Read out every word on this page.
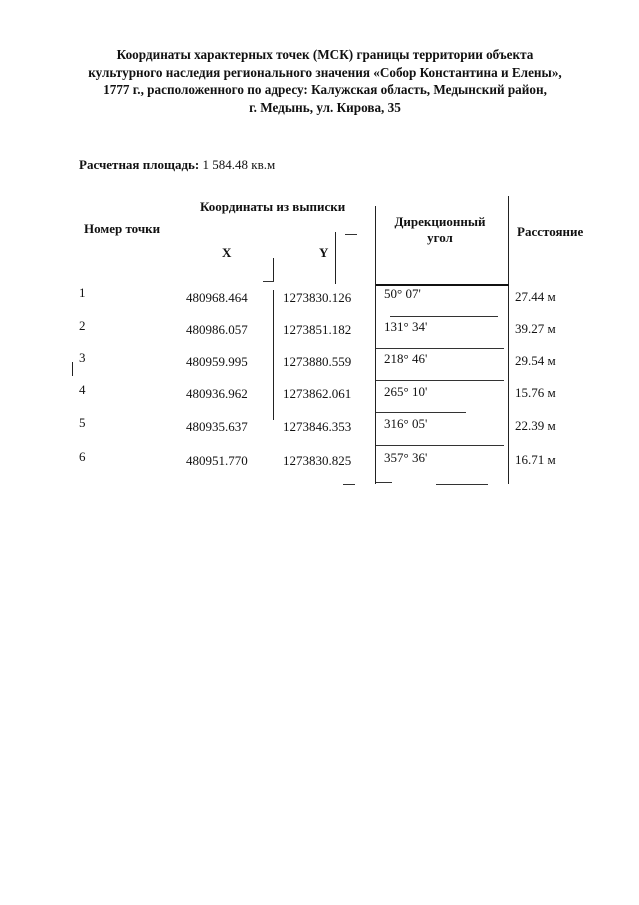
Координаты характерных точек (МСК) границы территории объекта
культурного наследия регионального значения «Собор Константина и Елены»,
1777 г., расположенного по адресу: Калужская область, Медынский район,
г. Медынь, ул. Кирова, 35
Расчетная площадь: 1 584.48 кв.м
Номер точки
Координаты из выписки
X	Y
Дирекционный
угол	Расстояние
1	480968.464	1273830.126	50° 07'	27.44 м
2	480986.057	1273851.182	131° 34'	39.27 м
3	480959.995	1273880.559	218° 46'	29.54 м
4	480936.962	1273862.061	265° 10'	15.76 м
5	480935.637	1273846.353	316° 05'	22.39 м
6	480951.770	1273830.825	357° 36'	16.71 м
